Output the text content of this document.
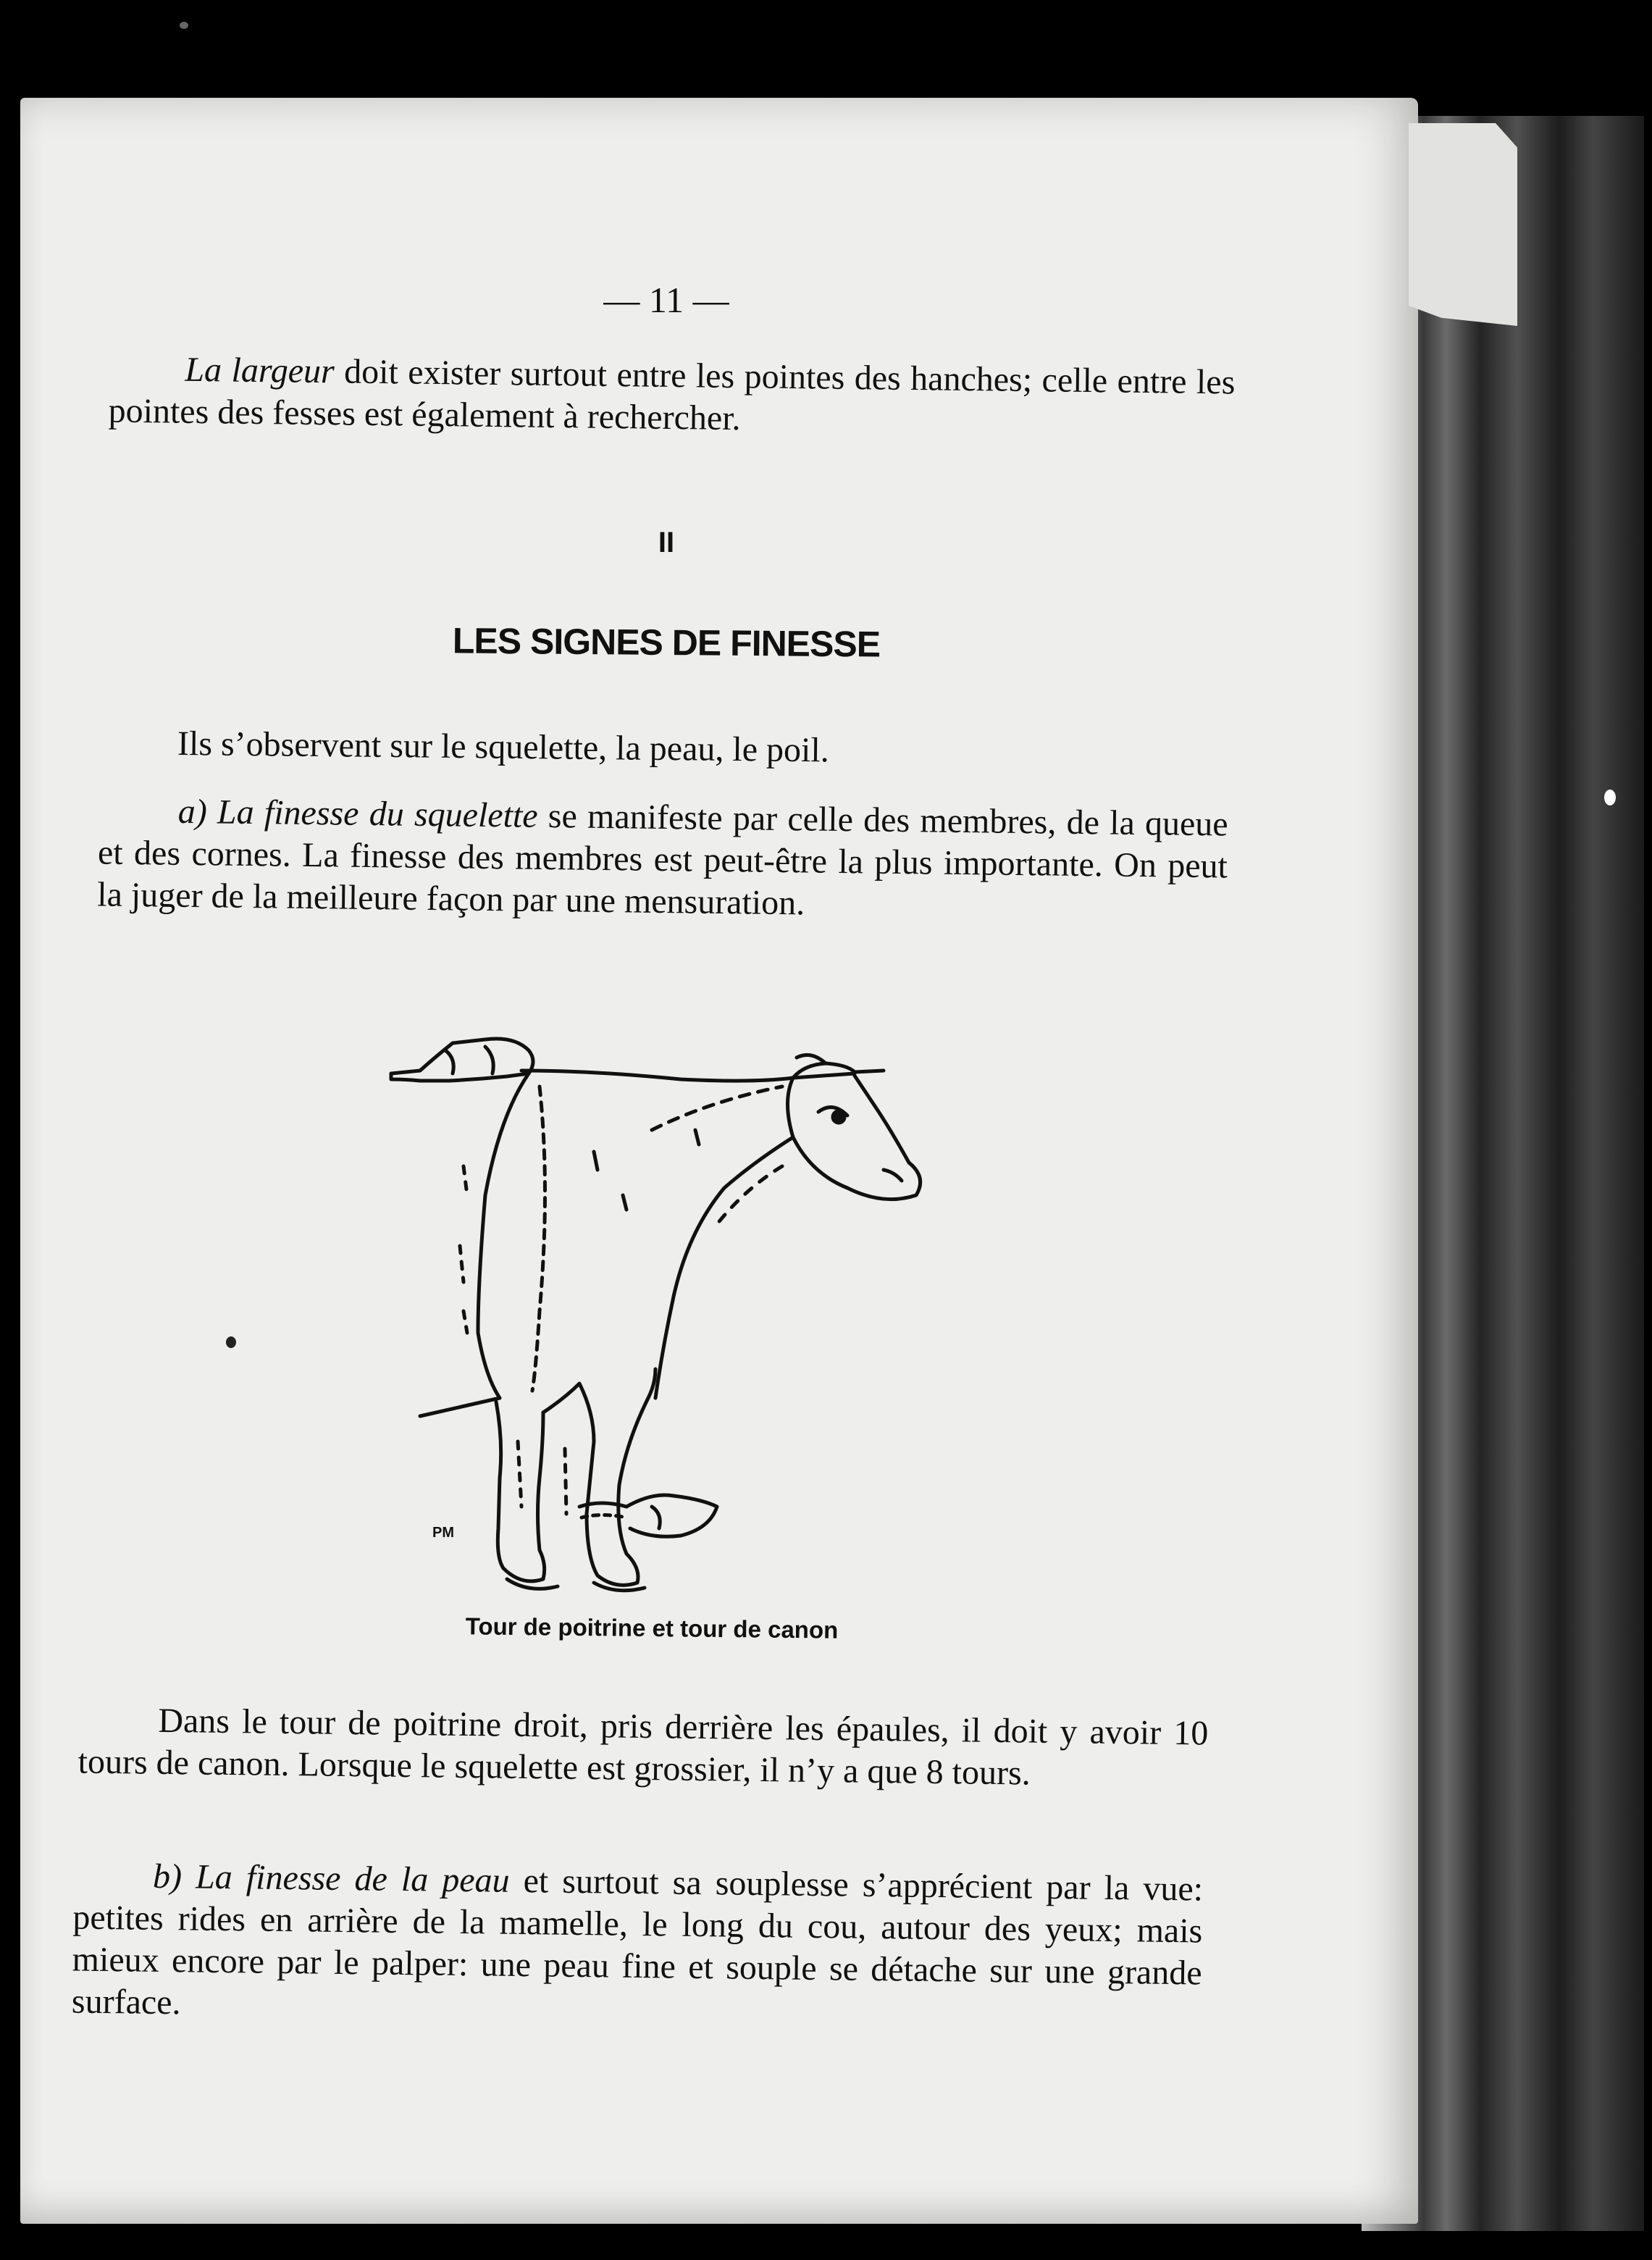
— 11 —

La largeur doit exister surtout entre les pointes des hanches; celle entre les pointes des fesses est également à rechercher.

II

LES SIGNES DE FINESSE

Ils s’observent sur le squelette, la peau, le poil.

a) La finesse du squelette se manifeste par celle des membres, de la queue et des cornes. La finesse des membres est peut-être la plus importante. On peut la juger de la meilleure façon par une mensuration.

Tour de poitrine et tour de canon

PM

Dans le tour de poitrine droit, pris derrière les épaules, il doit y avoir 10 tours de canon. Lorsque le squelette est grossier, il n’y a que 8 tours.

b) La finesse de la peau et surtout sa souplesse s’apprécient par la vue: petites rides en arrière de la mamelle, le long du cou, autour des yeux; mais mieux encore par le palper: une peau fine et souple se détache sur une grande surface.
